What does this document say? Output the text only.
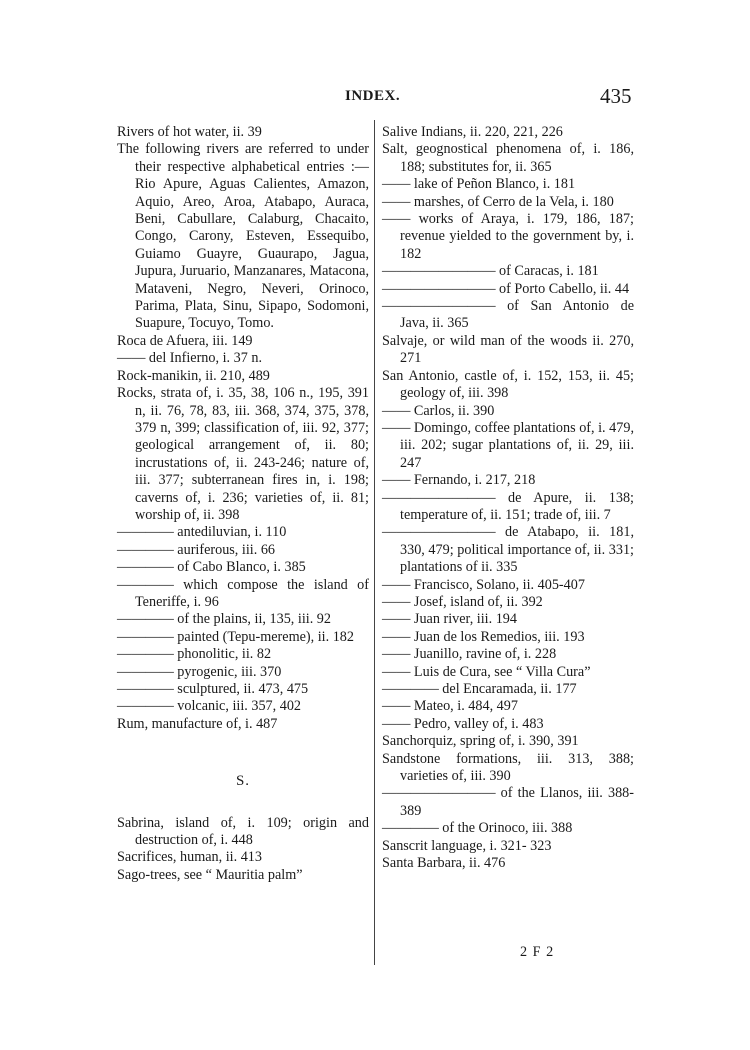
INDEX.	435

Rivers of hot water, ii. 39

The following rivers are referred to under their respective alphabetical entries :—Rio Apure, Aguas Calientes, Amazon, Aquio, Areo, Aroa, Atabapo, Auraca, Beni, Cabullare, Calaburg, Chacaito, Congo, Carony, Esteven, Essequibo, Guiamo Guayre, Guaurapo, Jagua, Jupura, Juruario, Manzanares, Matacona, Mataveni, Negro, Neveri, Orinoco, Parima, Plata, Sinu, Sipapo, Sodomoni, Suapure, Tocuyo, Tomo.

Roca de Afuera, iii. 149

—— del Infierno, i. 37 n.

Rock-manikin, ii. 210, 489

Rocks, strata of, i. 35, 38, 106 n., 195, 391 n, ii. 76, 78, 83, iii. 368, 374, 375, 378, 379 n, 399; classification of, iii. 92, 377; geological arrangement of, ii. 80; incrustations of, ii. 243-246; nature of, iii. 377; subterranean fires in, i. 198; caverns of, i. 236; varieties of, ii. 81; worship of, ii. 398

———— antediluvian, i. 110

———— auriferous, iii. 66

———— of Cabo Blanco, i. 385

———— which compose the island of Teneriffe, i. 96

———— of the plains, ii, 135, iii. 92

———— painted (Tepu-mereme), ii. 182

———— phonolitic, ii. 82

———— pyrogenic, iii. 370

———— sculptured, ii. 473, 475

———— volcanic, iii. 357, 402

Rum, manufacture of, i. 487

S.

Sabrina, island of, i. 109; origin and destruction of, i. 448

Sacrifices, human, ii. 413

Sago-trees, see “ Mauritia palm”

Salive Indians, ii. 220, 221, 226

Salt, geognostical phenomena of, i. 186, 188; substitutes for, ii. 365

—— lake of Peñon Blanco, i. 181

—— marshes, of Cerro de la Vela, i. 180

—— works of Araya, i. 179, 186, 187; revenue yielded to the government by, i. 182

———————— of Caracas, i. 181

———————— of Porto Cabello, ii. 44

———————— of San Antonio de Java, ii. 365

Salvaje, or wild man of the woods ii. 270, 271

San Antonio, castle of, i. 152, 153, ii. 45; geology of, iii. 398

—— Carlos, ii. 390

—— Domingo, coffee plantations of, i. 479, iii. 202; sugar plantations of, ii. 29, iii. 247

—— Fernando, i. 217, 218

———————— de Apure, ii. 138; temperature of, ii. 151; trade of, iii. 7

———————— de Atabapo, ii. 181, 330, 479; political importance of, ii. 331; plantations of ii. 335

—— Francisco, Solano, ii. 405-407

—— Josef, island of, ii. 392

—— Juan river, iii. 194

—— Juan de los Remedios, iii. 193

—— Juanillo, ravine of, i. 228

—— Luis de Cura, see “ Villa Cura”

———— del Encaramada, ii. 177

—— Mateo, i. 484, 497

—— Pedro, valley of, i. 483

Sanchorquiz, spring of, i. 390, 391

Sandstone formations, iii. 313, 388; varieties of, iii. 390

———————— of the Llanos, iii. 388-389

———— of the Orinoco, iii. 388

Sanscrit language, i. 321- 323

Santa Barbara, ii. 476

2 F 2
